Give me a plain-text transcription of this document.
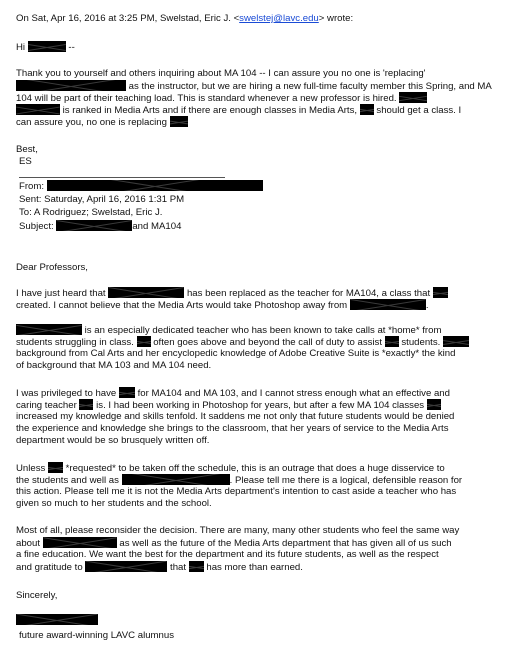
On Sat, Apr 16, 2016 at 3:25 PM, Swelstad, Eric J. <swelstej@lavc.edu> wrote:
Hi	--
Thank you to yourself and others inquiring about MA 104 -- I can assure you no one is 'replacing'
as the instructor, but we are hiring a new full-time faculty member this Spring, and MA
104 will be part of their teaching load. This is standard whenever a new professor is hired.
is ranked in Media Arts and if there are enough classes in Media Arts, should get a class. I
can assure you, no one is replacing
Best,
ES
From:
Sent: Saturday, April 16, 2016 1:31 PM
To: A Rodriguez; Swelstad, Eric J.
Subject:	and MA104
Dear Professors,
I have just heard that	has been replaced as the teacher for MA104, a class that
created. I cannot believe that the Media Arts would take Photoshop away from	.
is an especially dedicated teacher who has been known to take calls at *home* from
students struggling in class. often goes above and beyond the call of duty to assist students.
background from Cal Arts and her encyclopedic knowledge of Adobe Creative Suite is *exactly* the kind
of background that MA 103 and MA 104 need.
I was privileged to have for MA104 and MA 103, and I cannot stress enough what an effective and
caring teacher is. I had been working in Photoshop for years, but after a few MA 104 classes
increased my knowledge and skills tenfold. It saddens me not only that future students would be denied
the experience and knowledge she brings to the classroom, that her years of service to the Media Arts
department would be so brusquely written off.
Unless *requested* to be taken off the schedule, this is an outrage that does a huge disservice to
the students and well as	. Please tell me there is a logical, defensible reason for
this action. Please tell me it is not the Media Arts department's intention to cast aside a teacher who has
given so much to her students and the school.
Most of all, please reconsider the decision. There are many, many other students who feel the same way
about	as well as the future of the Media Arts department that has given all of us such
a fine education. We want the best for the department and its future students, as well as the respect
and gratitude to	that has more than earned.
Sincerely,
future award-winning LAVC alumnus
